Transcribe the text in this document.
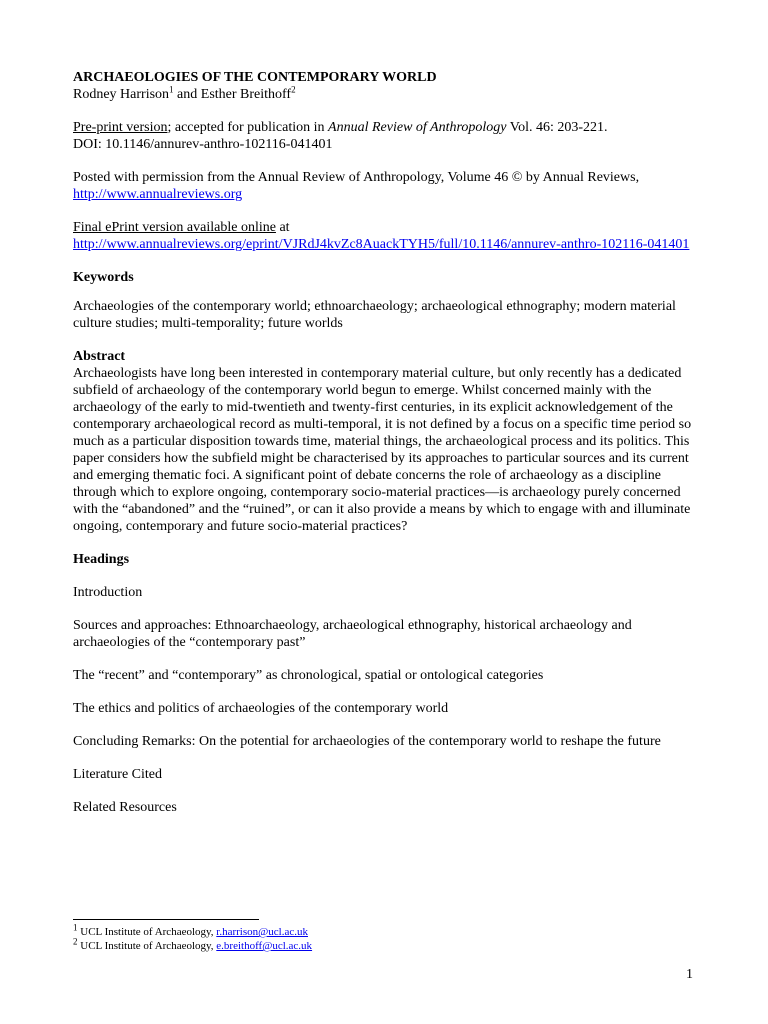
ARCHAEOLOGIES OF THE CONTEMPORARY WORLD

Rodney Harrison$^1$ and Esther Breithoff$^2$

Pre-print version; accepted for publication in Annual Review of Anthropology Vol. 46: 203-221.

DOI: 10.1146/annurev-anthro-102116-041401

Posted with permission from the Annual Review of Anthropology, Volume 46 © by Annual Reviews, http://www.annualreviews.org

Final ePrint version available online at

http://www.annualreviews.org/eprint/VJRdJ4kvZc8AuackTYH5/full/10.1146/annurev-anthro-102116-041401

Keywords

Archaeologies of the contemporary world; ethnoarchaeology; archaeological ethnography; modern material culture studies; multi-temporality; future worlds

Abstract

Archaeologists have long been interested in contemporary material culture, but only recently has a dedicated subfield of archaeology of the contemporary world begun to emerge. Whilst concerned mainly with the archaeology of the early to mid-twentieth and twenty-first centuries, in its explicit acknowledgement of the contemporary archaeological record as multi-temporal, it is not defined by a focus on a specific time period so much as a particular disposition towards time, material things, the archaeological process and its politics. This paper considers how the subfield might be characterised by its approaches to particular sources and its current and emerging thematic foci. A significant point of debate concerns the role of archaeology as a discipline through which to explore ongoing, contemporary socio-material practices—is archaeology purely concerned with the “abandoned” and the “ruined”, or can it also provide a means by which to engage with and illuminate ongoing, contemporary and future socio-material practices?

Headings

Introduction

Sources and approaches: Ethnoarchaeology, archaeological ethnography, historical archaeology and archaeologies of the “contemporary past”

The “recent” and “contemporary” as chronological, spatial or ontological categories

The ethics and politics of archaeologies of the contemporary world

Concluding Remarks: On the potential for archaeologies of the contemporary world to reshape the future

Literature Cited

Related Resources

$^1$ UCL Institute of Archaeology, r.harrison@ucl.ac.uk

$^2$ UCL Institute of Archaeology, e.breithoff@ucl.ac.uk

1
